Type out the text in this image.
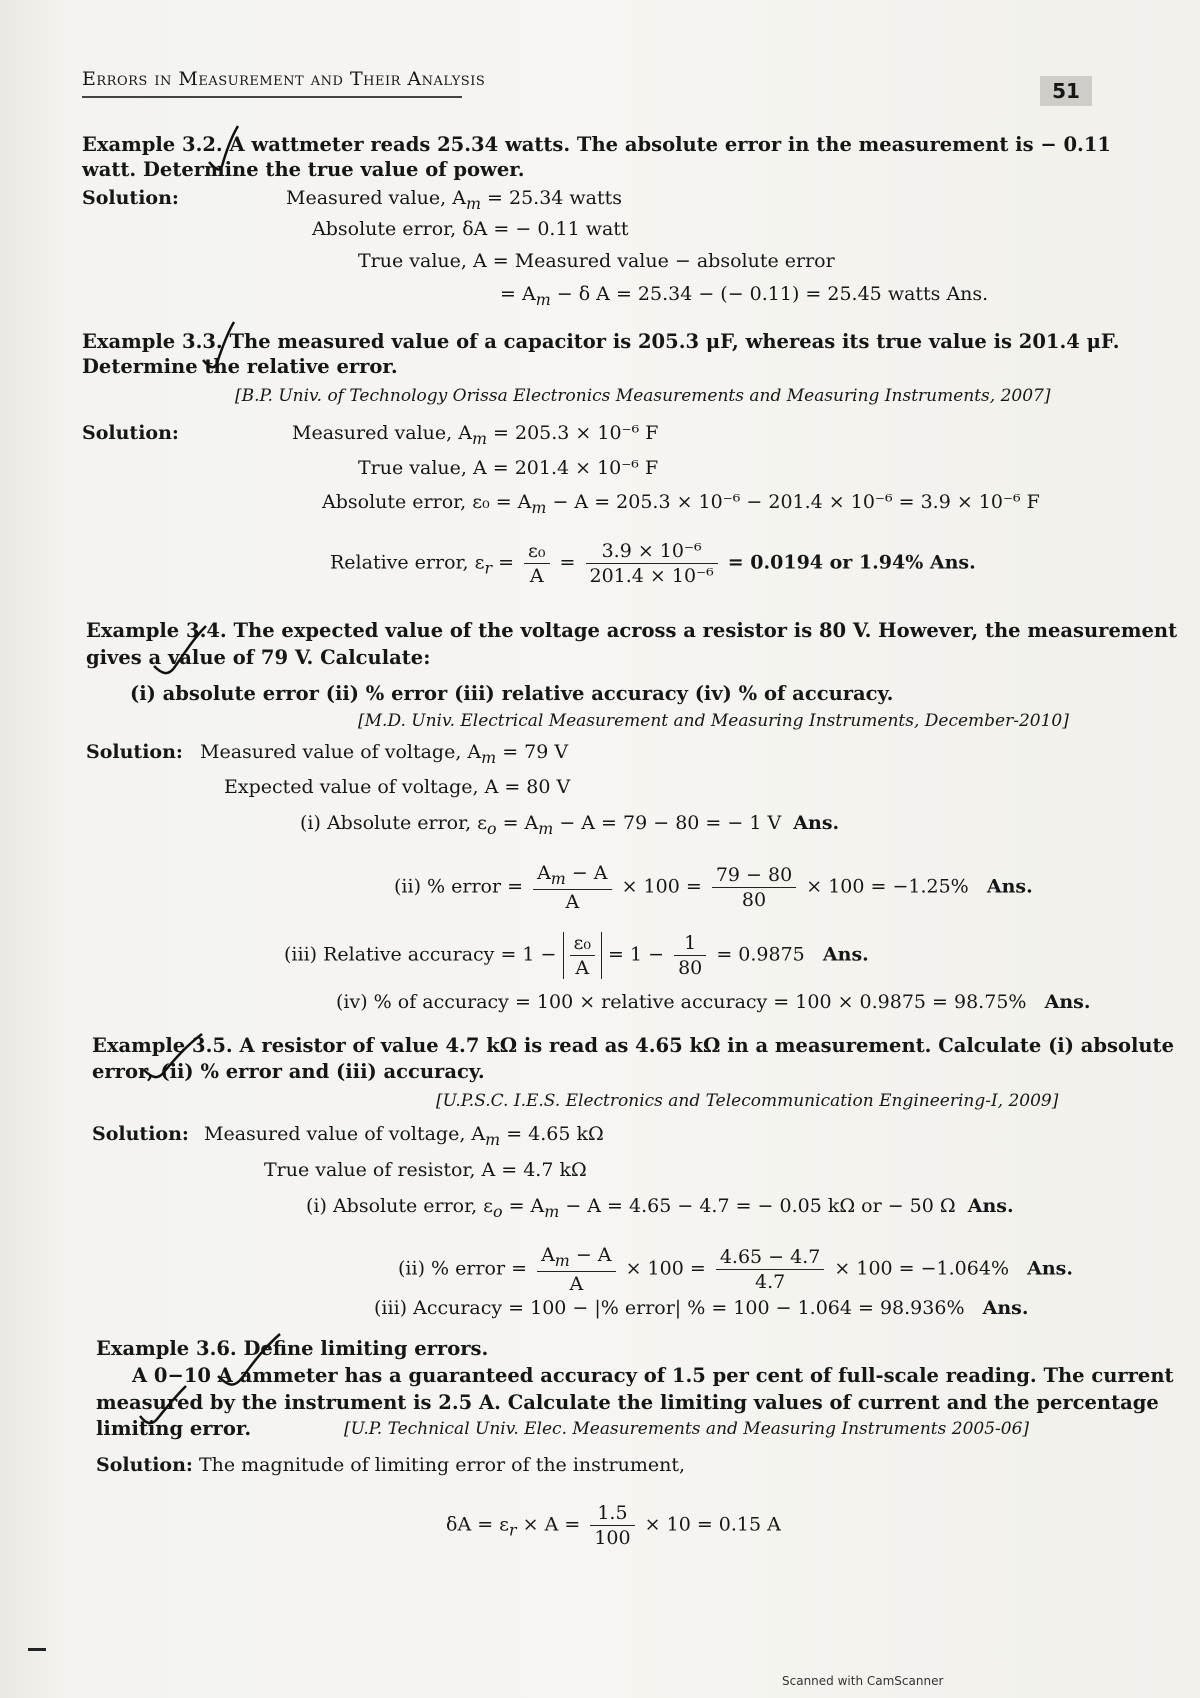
Errors in Measurement and Their Analysis	51
Example 3.2. A wattmeter reads 25.34 watts. The absolute error in the measurement is − 0.11
watt. Determine the true value of power.
Solution:	Measured value, $A_m = 25.34$ watts
Absolute error, δA = − 0.11 watt
True value, A = Measured value − absolute error
= $A_m - \delta$ A = 25.34 − (− 0.11) = 25.45 watts Ans.
Example 3.3. The measured value of a capacitor is 205.3 μF, whereas its true value is 201.4 μF.
Determine the relative error.
[B.P. Univ. of Technology Orissa Electronics Measurements and Measuring Instruments, 2007]
Solution:	Measured value, $A_m = 205.3 \times 10^{-6}$ F
True value, A = 201.4 × 10⁻⁶ F
Absolute error, $\varepsilon_0 = A_m - A = 205.3 \times 10^{-6} - 201.4 \times 10^{-6} = 3.9 \times 10^{-6}$ F
Relative error, $\varepsilon_r = \frac{\text{ε₀}}{A} = \frac{\text{3.9 × 10⁻⁶}}{\text{201.4 × 10⁻⁶}} = 0.0194$ or 1.94% Ans.
Example 3.4. The expected value of the voltage across a resistor is 80 V. However, the measurement
gives a value of 79 V. Calculate:
(i) absolute error (ii) % error (iii) relative accuracy (iv) % of accuracy.
[M.D. Univ. Electrical Measurement and Measuring Instruments, December-2010]
Solution: Measured value of voltage, $A_m = 79$ V
Expected value of voltage, A = 80 V
(i) Absolute error, $\varepsilon_o = A_m - A = 79 - 80$ = − 1 V Ans.
(ii) % error = $\frac{A_m - A}{A} \times 100 = \frac{79 - 80}{80} \times 100 = -1.25\%$ Ans.
(iii) Relative accuracy = $1 - \frac{\text{ε₀}}{A} = 1 - \frac{1}{80} = 0.9875$ Ans.
(iv) % of accuracy = 100 × relative accuracy = 100 × 0.9875 = 98.75% Ans.
Example 3.5. A resistor of value 4.7 kΩ is read as 4.65 kΩ in a measurement. Calculate (i) absolute
error, (ii) % error and (iii) accuracy.
[U.P.S.C. I.E.S. Electronics and Telecommunication Engineering-I, 2009]
Solution: Measured value of voltage, $A_m = 4.65$ kΩ
True value of resistor, A = 4.7 kΩ
(i) Absolute error, $\varepsilon_o = A_m - A = 4.65 - 4.7$ = − 0.05 kΩ or − 50 Ω Ans.
(ii) % error = $\frac{A_m - A}{A} \times 100 = \frac{4.65 - 4.7}{4.7} \times 100 = -1.064\%$ Ans.
(iii) Accuracy = 100 − |% error| % = 100 − 1.064 = 98.936% Ans.
Example 3.6. Define limiting errors.
A 0−10 A ammeter has a guaranteed accuracy of 1.5 per cent of full-scale reading. The current
measured by the instrument is 2.5 A. Calculate the limiting values of current and the percentage
limiting error.	[U.P. Technical Univ. Elec. Measurements and Measuring Instruments 2005-06]
Solution: The magnitude of limiting error of the instrument,
$\delta A = \varepsilon_r \times A = \frac{1.5}{100} \times 10 = 0.15$ A
Scanned with CamScanner
